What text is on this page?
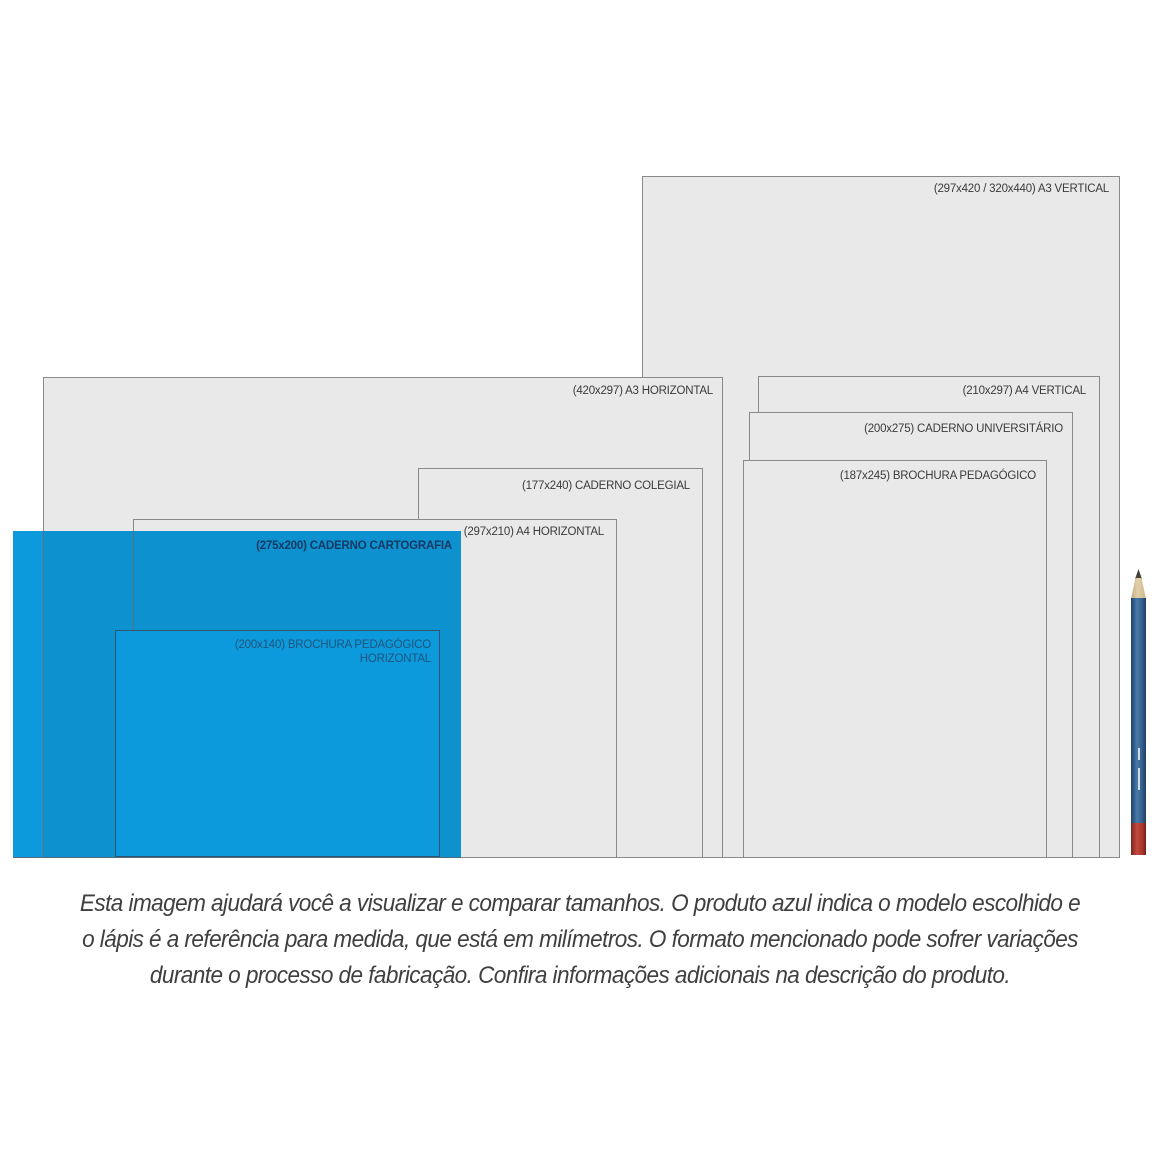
(297x420 / 320x440) A3 VERTICAL
(420x297) A3 HORIZONTAL	(210x297) A4 VERTICAL
(200x275) CADERNO UNIVERSITÁRIO
(187x245) BROCHURA PEDAGÓGICO
(177x240) CADERNO COLEGIAL
(297x210) A4 HORIZONTAL
(275x200) CADERNO CARTOGRAFIA
(200x140) BROCHURA PEDAGÓGICO
HORIZONTAL
Esta imagem ajudará você a visualizar e comparar tamanhos. O produto azul indica o modelo escolhido e
o lápis é a referência para medida, que está em milímetros. O formato mencionado pode sofrer variações
durante o processo de fabricação. Confira informações adicionais na descrição do produto.
